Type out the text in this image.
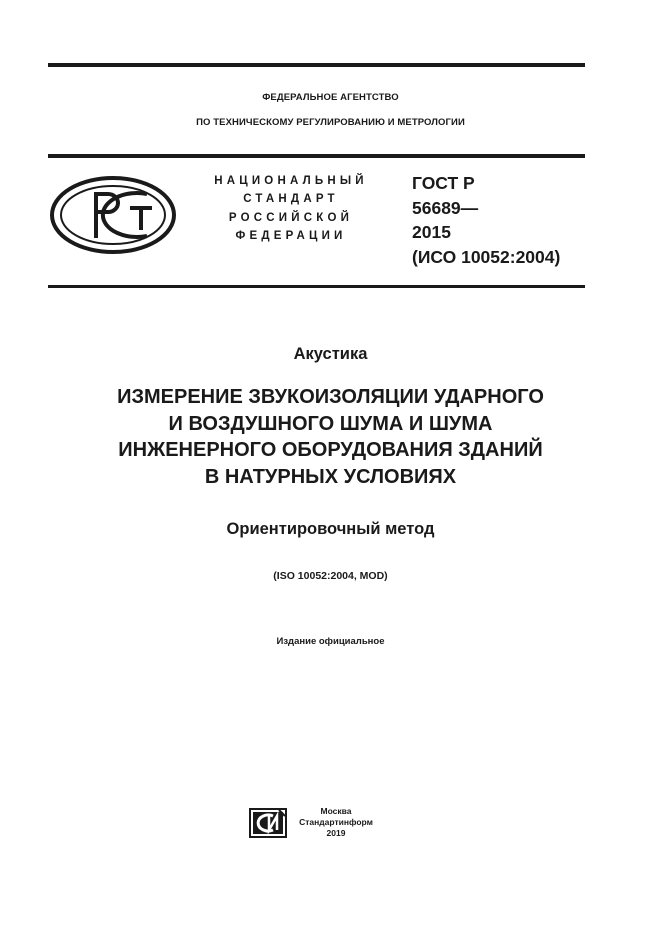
ФЕДЕРАЛЬНОЕ АГЕНТСТВО
ПО ТЕХНИЧЕСКОМУ РЕГУЛИРОВАНИЮ И МЕТРОЛОГИИ
НАЦИОНАЛЬНЫЙ
СТАНДАРТ
РОССИЙСКОЙ
ФЕДЕРАЦИИ
ГОСТ Р
56689—
2015
(ИСО 10052:2004)
Акустика
ИЗМЕРЕНИЕ ЗВУКОИЗОЛЯЦИИ УДАРНОГО
И ВОЗДУШНОГО ШУМА И ШУМА
ИНЖЕНЕРНОГО ОБОРУДОВАНИЯ ЗДАНИЙ
В НАТУРНЫХ УСЛОВИЯХ
Ориентировочный метод
(ISO 10052:2004, MOD)
Издание официальное
Москва
Стандартинформ
2019
